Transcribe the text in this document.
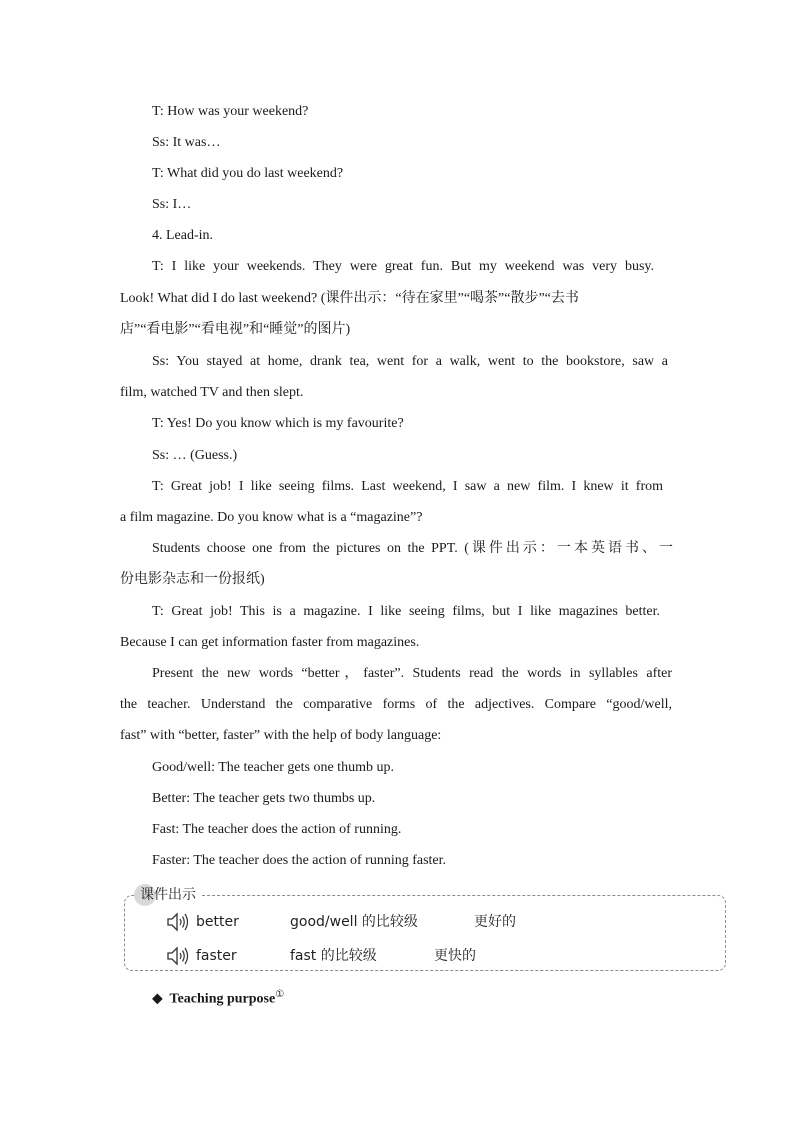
T: How was your weekend?
Ss: It was…
T: What did you do last weekend?
Ss: I…
4. Lead-in.
T: I like your weekends. They were great fun. But my weekend was very busy.
Look! What did I do last weekend? (课件出示：“待在家里”“喝茶”“散步”“去书
店”“看电影”“看电视”和“睡觉”的图片)
Ss: You stayed at home, drank tea, went for a walk, went to the bookstore, saw a
film, watched TV and then slept.
T: Yes! Do you know which is my favourite?
Ss: … (Guess.)
T: Great job! I like seeing films. Last weekend, I saw a new film. I knew it from
a film magazine. Do you know what is a “magazine”?
Students choose one from the pictures on the PPT. (课件出示：一本英语书、一
份电影杂志和一份报纸)
T: Great job! This is a magazine. I like seeing films, but I like magazines better.
Because I can get information faster from magazines.
Present the new words “better，faster”. Students read the words in syllables after
the teacher. Understand the comparative forms of the adjectives. Compare “good/well,
fast” with “better, faster” with the help of body language:
Good/well: The teacher gets one thumb up.
Better: The teacher gets two thumbs up.
Fast: The teacher does the action of running.
Faster: The teacher does the action of running faster.
课件出示
better	good/well 的比较级	更好的
faster	fast 的比较级	更快的
◆ Teaching purpose①
